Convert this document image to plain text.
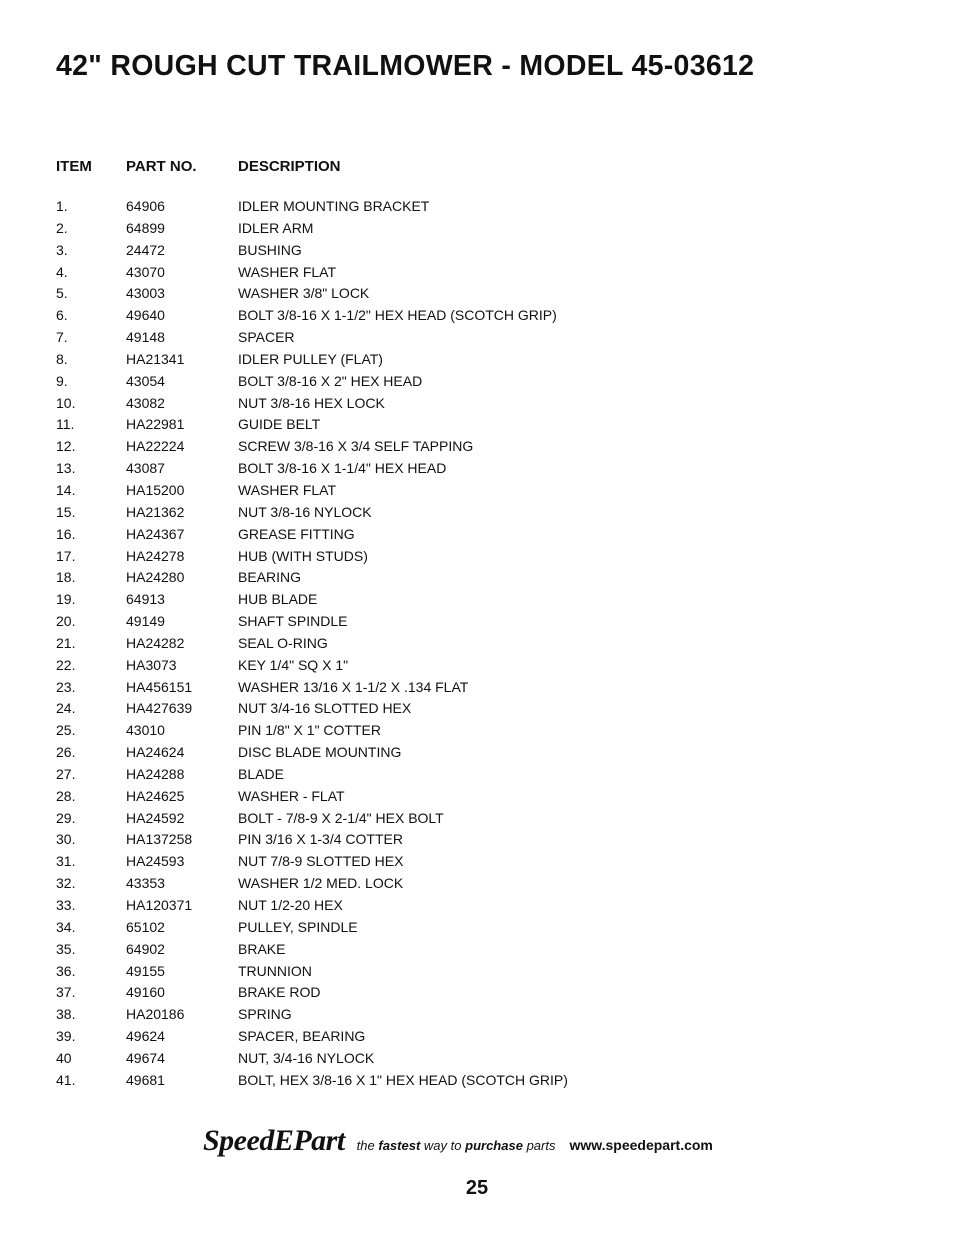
42" ROUGH CUT TRAILMOWER - MODEL 45-03612
ITEM	PART NO.	DESCRIPTION
1.	64906	IDLER MOUNTING BRACKET
2.	64899	IDLER ARM
3.	24472	BUSHING
4.	43070	WASHER FLAT
5.	43003	WASHER 3/8" LOCK
6.	49640	BOLT 3/8-16 X 1-1/2" HEX HEAD (SCOTCH GRIP)
7.	49148	SPACER
8.	HA21341	IDLER PULLEY (FLAT)
9.	43054	BOLT 3/8-16 X 2" HEX HEAD
10.	43082	NUT 3/8-16 HEX LOCK
11.	HA22981	GUIDE BELT
12.	HA22224	SCREW 3/8-16 X 3/4 SELF TAPPING
13.	43087	BOLT 3/8-16 X 1-1/4" HEX HEAD
14.	HA15200	WASHER FLAT
15.	HA21362	NUT 3/8-16 NYLOCK
16.	HA24367	GREASE FITTING
17.	HA24278	HUB (WITH STUDS)
18.	HA24280	BEARING
19.	64913	HUB BLADE
20.	49149	SHAFT SPINDLE
21.	HA24282	SEAL O-RING
22.	HA3073	KEY 1/4" SQ X 1"
23.	HA456151	WASHER 13/16 X 1-1/2 X .134 FLAT
24.	HA427639	NUT 3/4-16 SLOTTED HEX
25.	43010	PIN 1/8" X 1" COTTER
26.	HA24624	DISC BLADE MOUNTING
27.	HA24288	BLADE
28.	HA24625	WASHER - FLAT
29.	HA24592	BOLT - 7/8-9 X 2-1/4" HEX BOLT
30.	HA137258	PIN 3/16 X 1-3/4 COTTER
31.	HA24593	NUT 7/8-9 SLOTTED HEX
32.	43353	WASHER 1/2 MED. LOCK
33.	HA120371	NUT 1/2-20 HEX
34.	65102	PULLEY, SPINDLE
35.	64902	BRAKE
36.	49155	TRUNNION
37.	49160	BRAKE ROD
38.	HA20186	SPRING
39.	49624	SPACER, BEARING
40	49674	NUT, 3/4-16 NYLOCK
41.	49681	BOLT, HEX 3/8-16 X 1" HEX HEAD (SCOTCH GRIP)
SpeedEPart the fastest way to purchase parts www.speedepart.com
25
